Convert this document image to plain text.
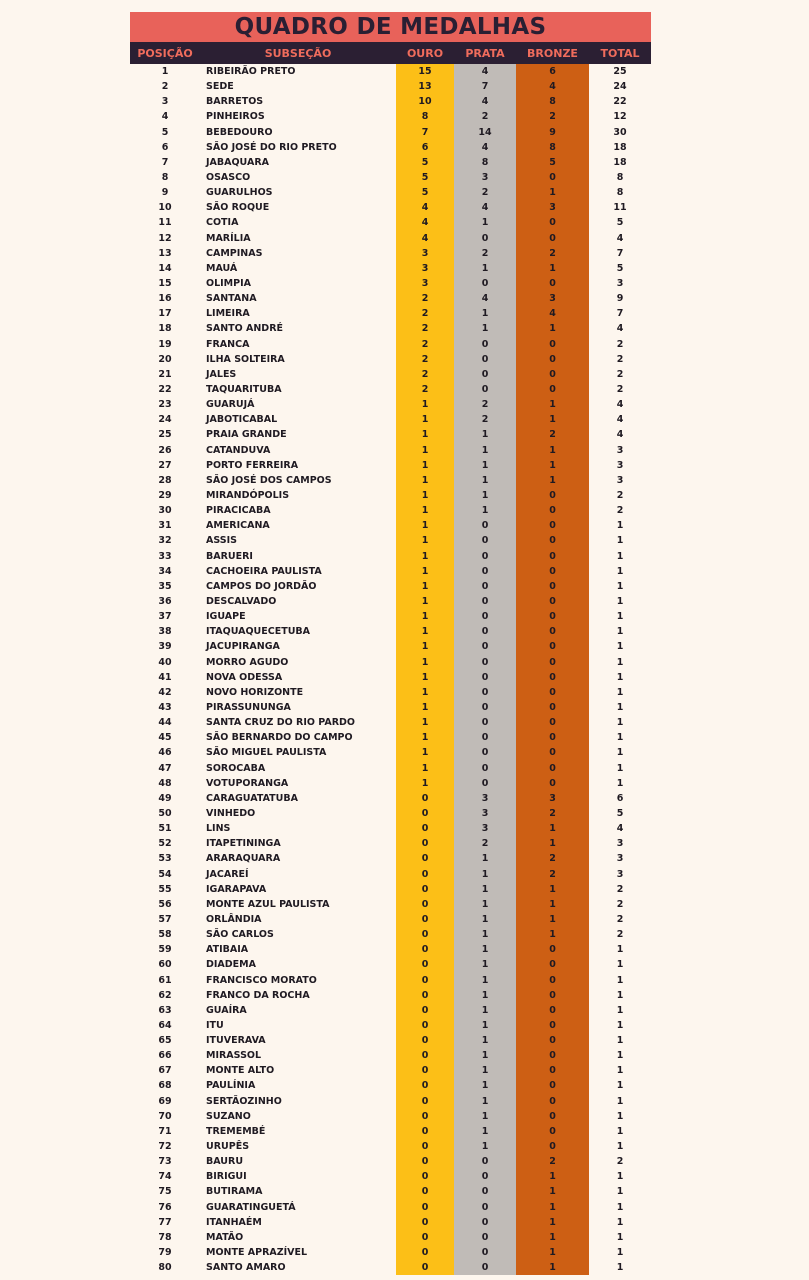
QUADRO DE MEDALHAS
POSIÇÃO	SUBSEÇÃO	OURO	PRATA	BRONZE	TOTAL
1	RIBEIRÃO PRETO	15	4	6	25
2	SEDE	13	7	4	24
3	BARRETOS	10	4	8	22
4	PINHEIROS	8	2	2	12
5	BEBEDOURO	7	14	9	30
6	SÃO JOSÉ DO RIO PRETO	6	4	8	18
7	JABAQUARA	5	8	5	18
8	OSASCO	5	3	0	8
9	GUARULHOS	5	2	1	8
10	SÃO ROQUE	4	4	3	11
11	COTIA	4	1	0	5
12	MARÍLIA	4	0	0	4
13	CAMPINAS	3	2	2	7
14	MAUÁ	3	1	1	5
15	OLIMPIA	3	0	0	3
16	SANTANA	2	4	3	9
17	LIMEIRA	2	1	4	7
18	SANTO ANDRÉ	2	1	1	4
19	FRANCA	2	0	0	2
20	ILHA SOLTEIRA	2	0	0	2
21	JALES	2	0	0	2
22	TAQUARITUBA	2	0	0	2
23	GUARUJÁ	1	2	1	4
24	JABOTICABAL	1	2	1	4
25	PRAIA GRANDE	1	1	2	4
26	CATANDUVA	1	1	1	3
27	PORTO FERREIRA	1	1	1	3
28	SÃO JOSÉ DOS CAMPOS	1	1	1	3
29	MIRANDÓPOLIS	1	1	0	2
30	PIRACICABA	1	1	0	2
31	AMERICANA	1	0	0	1
32	ASSIS	1	0	0	1
33	BARUERI	1	0	0	1
34	CACHOEIRA PAULISTA	1	0	0	1
35	CAMPOS DO JORDÃO	1	0	0	1
36	DESCALVADO	1	0	0	1
37	IGUAPE	1	0	0	1
38	ITAQUAQUECETUBA	1	0	0	1
39	JACUPIRANGA	1	0	0	1
40	MORRO AGUDO	1	0	0	1
41	NOVA ODESSA	1	0	0	1
42	NOVO HORIZONTE	1	0	0	1
43	PIRASSUNUNGA	1	0	0	1
44	SANTA CRUZ DO RIO PARDO	1	0	0	1
45	SÃO BERNARDO DO CAMPO	1	0	0	1
46	SÃO MIGUEL PAULISTA	1	0	0	1
47	SOROCABA	1	0	0	1
48	VOTUPORANGA	1	0	0	1
49	CARAGUATATUBA	0	3	3	6
50	VINHEDO	0	3	2	5
51	LINS	0	3	1	4
52	ITAPETININGA	0	2	1	3
53	ARARAQUARA	0	1	2	3
54	JACAREÍ	0	1	2	3
55	IGARAPAVA	0	1	1	2
56	MONTE AZUL PAULISTA	0	1	1	2
57	ORLÂNDIA	0	1	1	2
58	SÃO CARLOS	0	1	1	2
59	ATIBAIA	0	1	0	1
60	DIADEMA	0	1	0	1
61	FRANCISCO MORATO	0	1	0	1
62	FRANCO DA ROCHA	0	1	0	1
63	GUAÍRA	0	1	0	1
64	ITU	0	1	0	1
65	ITUVERAVA	0	1	0	1
66	MIRASSOL	0	1	0	1
67	MONTE ALTO	0	1	0	1
68	PAULÍNIA	0	1	0	1
69	SERTÃOZINHO	0	1	0	1
70	SUZANO	0	1	0	1
71	TREMEMBÉ	0	1	0	1
72	URUPÊS	0	1	0	1
73	BAURU	0	0	2	2
74	BIRIGUI	0	0	1	1
75	BUTIRAMA	0	0	1	1
76	GUARATINGUETÁ	0	0	1	1
77	ITANHAÉM	0	0	1	1
78	MATÃO	0	0	1	1
79	MONTE APRAZÍVEL	0	0	1	1
80	SANTO AMARO	0	0	1	1
